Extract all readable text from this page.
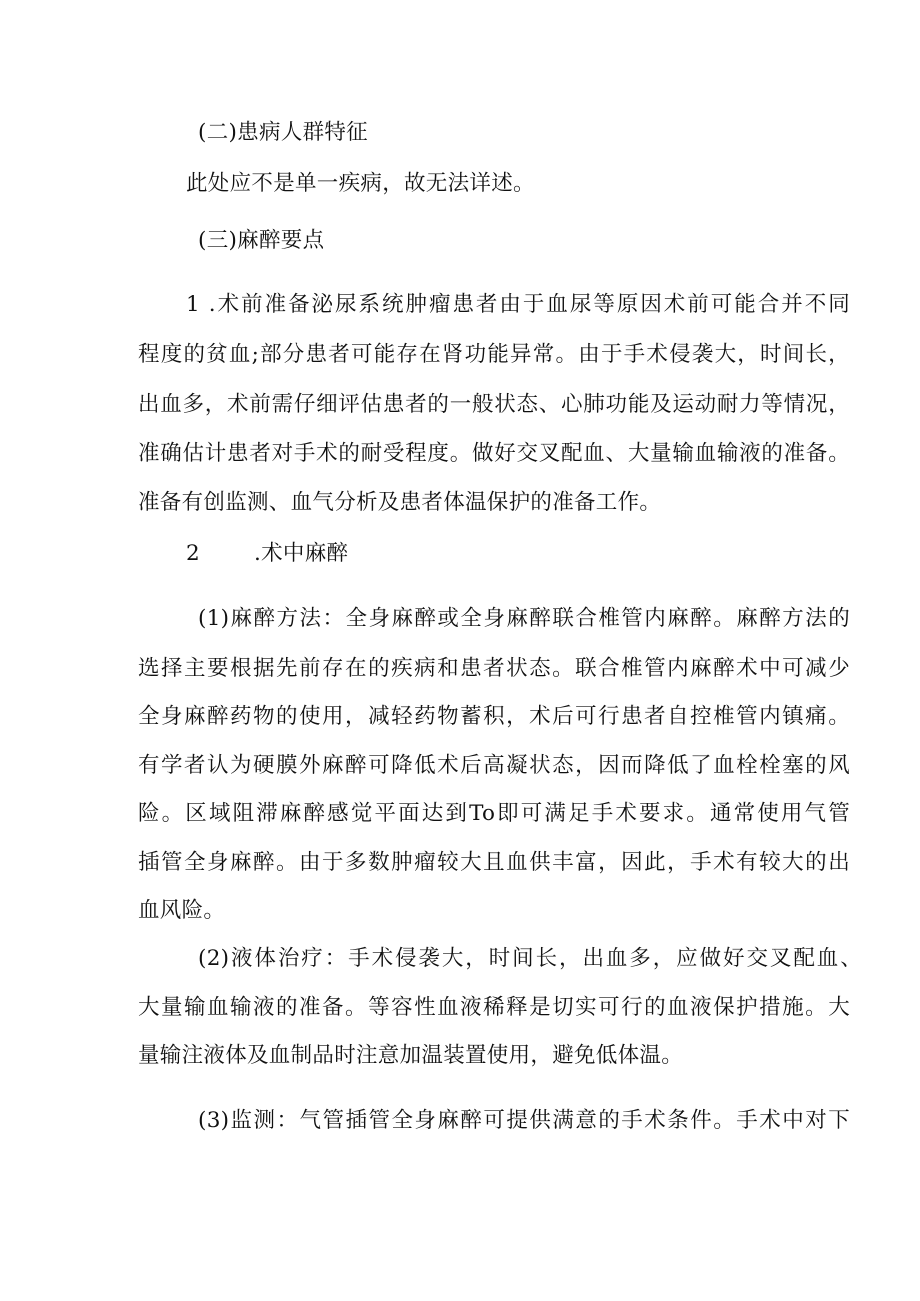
(二)患病人群特征
此处应不是单一疾病，故无法详述。
(三)麻醉要点
1 .术前准备泌尿系统肿瘤患者由于血尿等原因术前可能合并不同
程度的贫血;部分患者可能存在肾功能异常。由于手术侵袭大，时间长，
出血多，术前需仔细评估患者的一般状态、心肺功能及运动耐力等情况，
准确估计患者对手术的耐受程度。做好交叉配血、大量输血输液的准备。
准备有创监测、血气分析及患者体温保护的准备工作。
2	.术中麻醉
(1)麻醉方法：全身麻醉或全身麻醉联合椎管内麻醉。麻醉方法的
选择主要根据先前存在的疾病和患者状态。联合椎管内麻醉术中可减少
全身麻醉药物的使用，减轻药物蓄积，术后可行患者自控椎管内镇痛。
有学者认为硬膜外麻醉可降低术后高凝状态，因而降低了血栓栓塞的风
险。区域阻滞麻醉感觉平面达到To即可满足手术要求。通常使用气管
插管全身麻醉。由于多数肿瘤较大且血供丰富，因此，手术有较大的出
血风险。
(2)液体治疗：手术侵袭大，时间长，出血多，应做好交叉配血、
大量输血输液的准备。等容性血液稀释是切实可行的血液保护措施。大
量输注液体及血制品时注意加温装置使用，避免低体温。
(3)监测：气管插管全身麻醉可提供满意的手术条件。手术中对下
